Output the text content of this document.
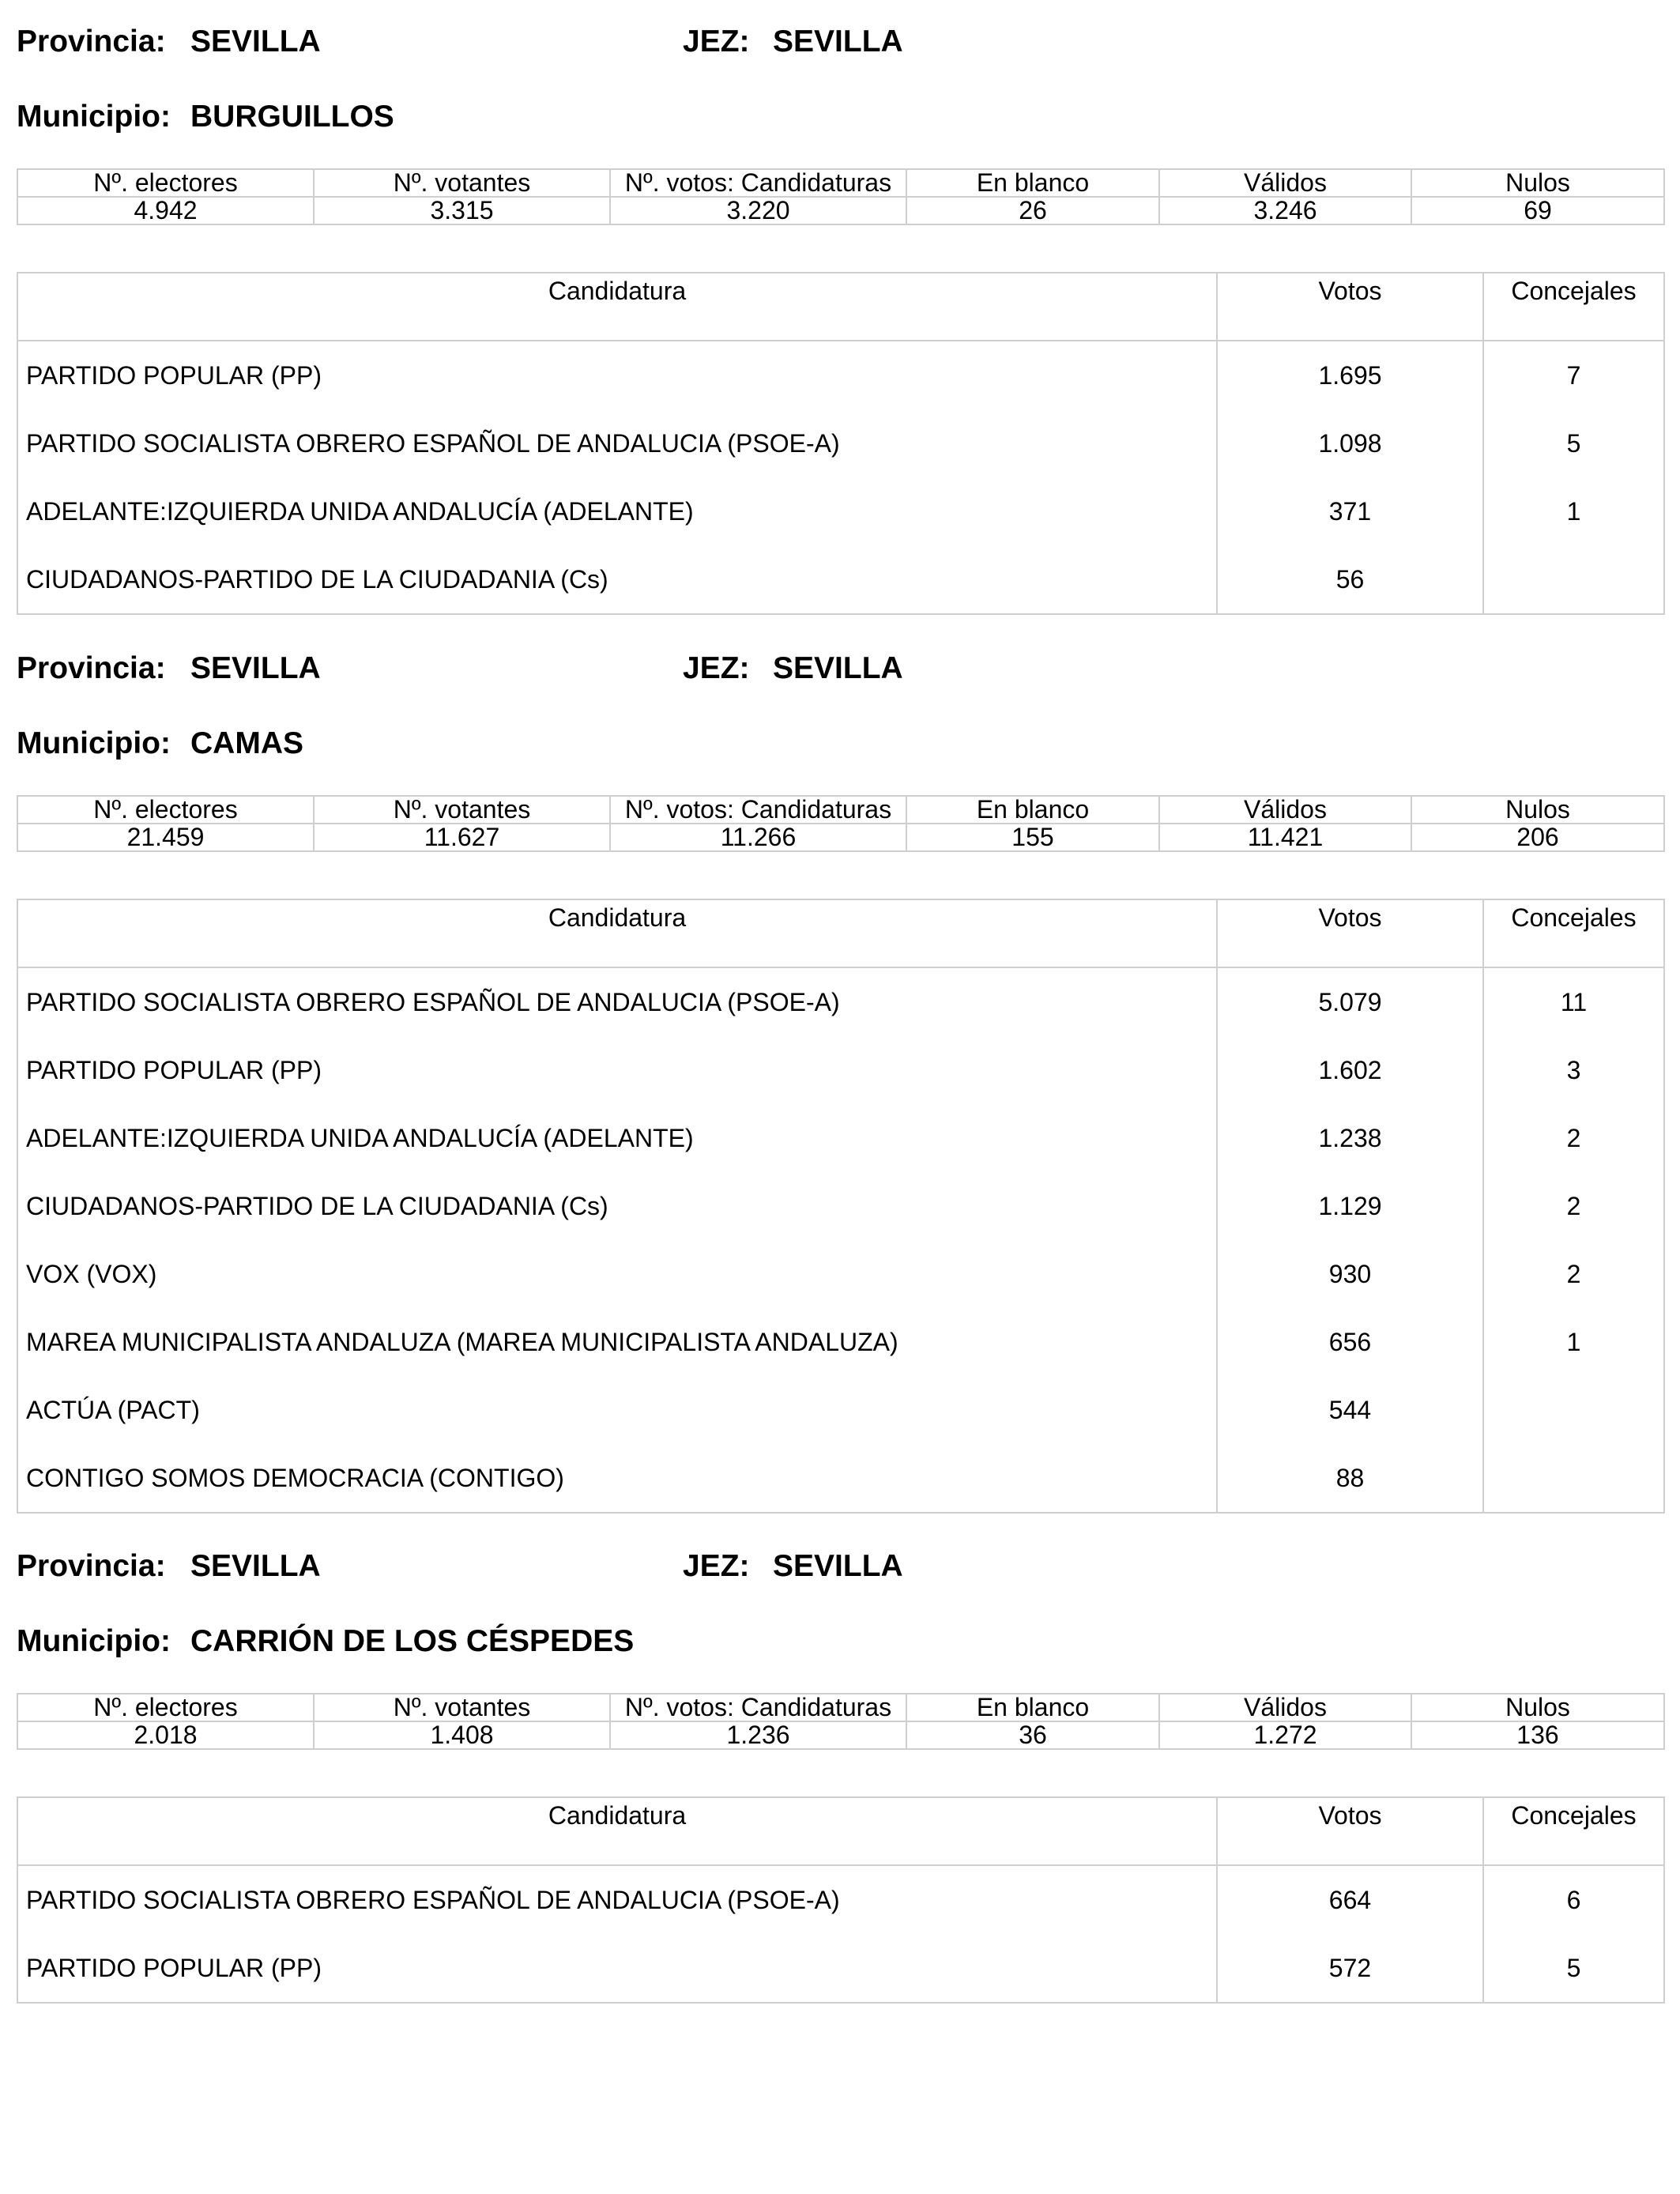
Provincia: SEVILLA	JEZ: SEVILLA
Municipio: BURGUILLOS
Nº. electores	Nº. votantes	Nº. votos: Candidaturas	En blanco	Válidos	Nulos
4.942	3.315	3.220	26	3.246	69
Candidatura	Votos	Concejales
PARTIDO POPULAR (PP)	1.695	7
PARTIDO SOCIALISTA OBRERO ESPAÑOL DE ANDALUCIA (PSOE-A)	1.098	5
ADELANTE:IZQUIERDA UNIDA ANDALUCÍA (ADELANTE)	371	1
CIUDADANOS-PARTIDO DE LA CIUDADANIA (Cs)	56	
Provincia: SEVILLA	JEZ: SEVILLA
Municipio: CAMAS
Nº. electores	Nº. votantes	Nº. votos: Candidaturas	En blanco	Válidos	Nulos
21.459	11.627	11.266	155	11.421	206
Candidatura	Votos	Concejales
PARTIDO SOCIALISTA OBRERO ESPAÑOL DE ANDALUCIA (PSOE-A)	5.079	11
PARTIDO POPULAR (PP)	1.602	3
ADELANTE:IZQUIERDA UNIDA ANDALUCÍA (ADELANTE)	1.238	2
CIUDADANOS-PARTIDO DE LA CIUDADANIA (Cs)	1.129	2
VOX (VOX)	930	2
MAREA MUNICIPALISTA ANDALUZA (MAREA MUNICIPALISTA ANDALUZA)	656	1
ACTÚA (PACT)	544	
CONTIGO SOMOS DEMOCRACIA (CONTIGO)	88	
Provincia: SEVILLA	JEZ: SEVILLA
Municipio: CARRIÓN DE LOS CÉSPEDES
Nº. electores	Nº. votantes	Nº. votos: Candidaturas	En blanco	Válidos	Nulos
2.018	1.408	1.236	36	1.272	136
Candidatura	Votos	Concejales
PARTIDO SOCIALISTA OBRERO ESPAÑOL DE ANDALUCIA (PSOE-A)	664	6
PARTIDO POPULAR (PP)	572	5
